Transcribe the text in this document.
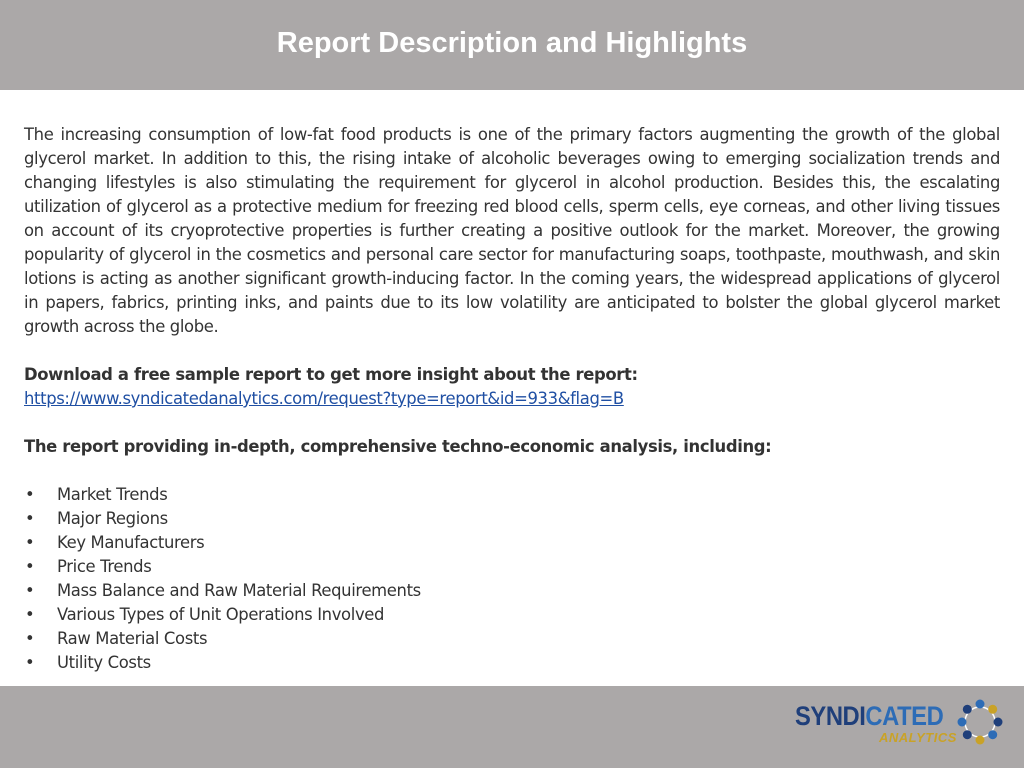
Report Description and Highlights

The increasing consumption of low-fat food products is one of the primary factors augmenting the growth of the global glycerol market. In addition to this, the rising intake of alcoholic beverages owing to emerging socialization trends and changing lifestyles is also stimulating the requirement for glycerol in alcohol production. Besides this, the escalating utilization of glycerol as a protective medium for freezing red blood cells, sperm cells, eye corneas, and other living tissues on account of its cryoprotective properties is further creating a positive outlook for the market. Moreover, the growing popularity of glycerol in the cosmetics and personal care sector for manufacturing soaps, toothpaste, mouthwash, and skin lotions is acting as another significant growth-inducing factor. In the coming years, the widespread applications of glycerol in papers, fabrics, printing inks, and paints due to its low volatility are anticipated to bolster the global glycerol market growth across the globe.

Download a free sample report to get more insight about the report:

https://www.syndicatedanalytics.com/request?type=report&id=933&flag=B

The report providing in-depth, comprehensive techno-economic analysis, including:

•	Market Trends
•	Major Regions
•	Key Manufacturers
•	Price Trends
•	Mass Balance and Raw Material Requirements
•	Various Types of Unit Operations Involved
•	Raw Material Costs
•	Utility Costs
SYNDICATED
ANALYTICS
